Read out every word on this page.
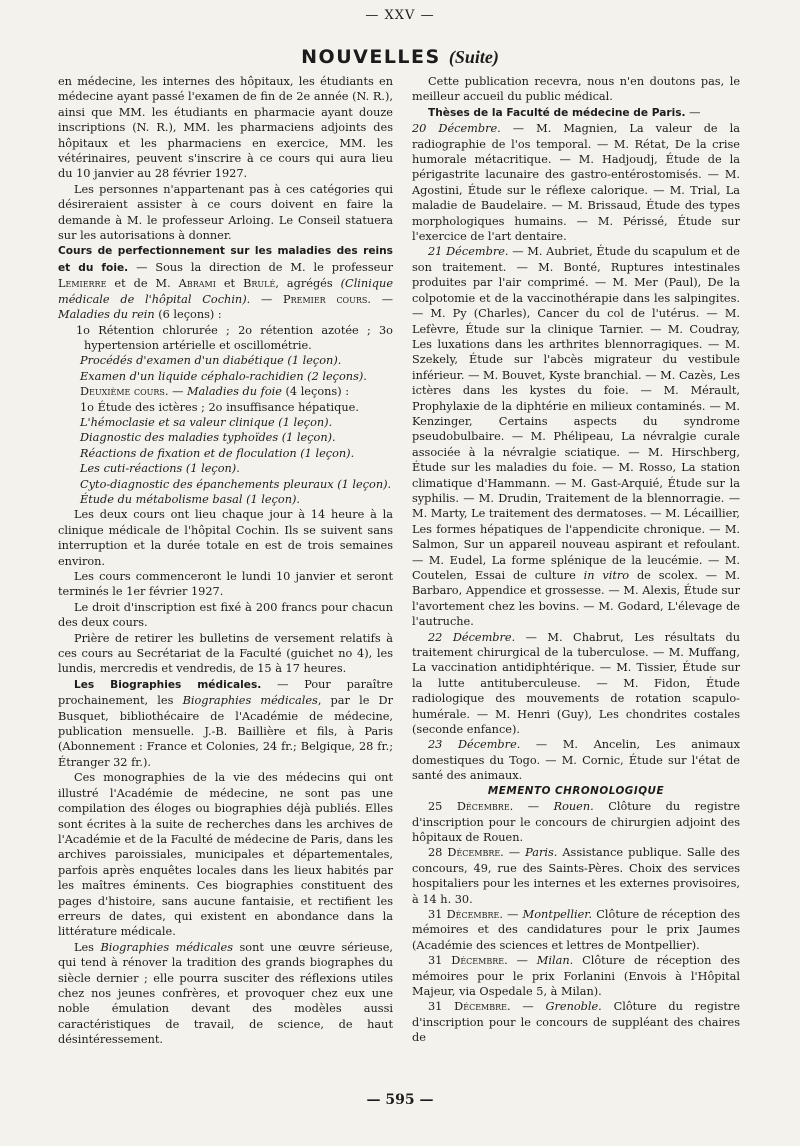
— XXV —
NOUVELLES (Suite)

en médecine, les internes des hôpitaux, les étudiants en médecine ayant passé l'examen de fin de 2e année (N. R.), ainsi que MM. les étudiants en pharmacie ayant douze inscriptions (N. R.), MM. les pharmaciens adjoints des hôpitaux et les pharmaciens en exercice, MM. les vétérinaires, peuvent s'inscrire à ce cours qui aura lieu du 10 janvier au 28 février 1927.

Les personnes n'appartenant pas à ces catégories qui désireraient assister à ce cours doivent en faire la demande à M. le professeur Arloing. Le Conseil statuera sur les autorisations à donner.

Cours de perfectionnement sur les maladies des reins et du foie. — Sous la direction de M. le professeur Lemierre et de M. Abrami et Brulé, agrégés (Clinique médicale de l'hôpital Cochin). — Premier cours. — Maladies du rein (6 leçons) :

1o Rétention chlorurée ; 2o rétention azotée ; 3o hypertension artérielle et oscillométrie.

Procédés d'examen d'un diabétique (1 leçon).

Examen d'un liquide céphalo-rachidien (2 leçons).

Deuxième cours. — Maladies du foie (4 leçons) :

1o Étude des ictères ; 2o insuffisance hépatique.

L'hémoclasie et sa valeur clinique (1 leçon).

Diagnostic des maladies typhoïdes (1 leçon).

Réactions de fixation et de floculation (1 leçon).

Les cuti-réactions (1 leçon).

Cyto-diagnostic des épanchements pleuraux (1 leçon).

Étude du métabolisme basal (1 leçon).

Les deux cours ont lieu chaque jour à 14 heure à la clinique médicale de l'hôpital Cochin. Ils se suivent sans interruption et la durée totale en est de trois semaines environ.

Les cours commenceront le lundi 10 janvier et seront terminés le 1er février 1927.

Le droit d'inscription est fixé à 200 francs pour chacun des deux cours.

Prière de retirer les bulletins de versement relatifs à ces cours au Secrétariat de la Faculté (guichet no 4), les lundis, mercredis et vendredis, de 15 à 17 heures.

Les Biographies médicales. — Pour paraître prochainement, les Biographies médicales, par le Dr Busquet, bibliothécaire de l'Académie de médecine, publication mensuelle. J.-B. Baillière et fils, à Paris (Abonnement : France et Colonies, 24 fr.; Belgique, 28 fr.; Étranger 32 fr.).

Ces monographies de la vie des médecins qui ont illustré l'Académie de médecine, ne sont pas une compilation des éloges ou biographies déjà publiés. Elles sont écrites à la suite de recherches dans les archives de l'Académie et de la Faculté de médecine de Paris, dans les archives paroissiales, municipales et départementales, parfois après enquêtes locales dans les lieux habités par les maîtres éminents. Ces biographies constituent des pages d'histoire, sans aucune fantaisie, et rectifient les erreurs de dates, qui existent en abondance dans la littérature médicale.

Les Biographies médicales sont une œuvre sérieuse, qui tend à rénover la tradition des grands biographes du siècle dernier ; elle pourra susciter des réflexions utiles chez nos jeunes confrères, et provoquer chez eux une noble émulation devant des modèles aussi caractéristiques de travail, de science, de haut désintéressement.

Cette publication recevra, nous n'en doutons pas, le meilleur accueil du public médical.

Thèses de la Faculté de médecine de Paris. —

20 Décembre. — M. Magnien, La valeur de la radiographie de l'os temporal. — M. Rétat, De la crise humorale métacritique. — M. Hadjoudj, Étude de la périgastrite lacunaire des gastro-entérostomisés. — M. Agostini, Étude sur le réflexe calorique. — M. Trial, La maladie de Baudelaire. — M. Brissaud, Étude des types morphologiques humains. — M. Périssé, Étude sur l'exercice de l'art dentaire.

21 Décembre. — M. Aubriet, Étude du scapulum et de son traitement. — M. Bonté, Ruptures intestinales produites par l'air comprimé. — M. Mer (Paul), De la colpotomie et de la vaccinothérapie dans les salpingites. — M. Py (Charles), Cancer du col de l'utérus. — M. Lefèvre, Étude sur la clinique Tarnier. — M. Coudray, Les luxations dans les arthrites blennorragiques. — M. Szekely, Étude sur l'abcès migrateur du vestibule inférieur. — M. Bouvet, Kyste branchial. — M. Cazès, Les ictères dans les kystes du foie. — M. Mérault, Prophylaxie de la diphtérie en milieux contaminés. — M. Kenzinger, Certains aspects du syndrome pseudobulbaire. — M. Phélipeau, La névralgie curale associée à la névralgie sciatique. — M. Hirschberg, Étude sur les maladies du foie. — M. Rosso, La station climatique d'Hammann. — M. Gast-Arquié, Étude sur la syphilis. — M. Drudin, Traitement de la blennorragie. — M. Marty, Le traitement des dermatoses. — M. Lécaillier, Les formes hépatiques de l'appendicite chronique. — M. Salmon, Sur un appareil nouveau aspirant et refoulant. — M. Eudel, La forme splénique de la leucémie. — M. Coutelen, Essai de culture in vitro de scolex. — M. Barbaro, Appendice et grossesse. — M. Alexis, Étude sur l'avortement chez les bovins. — M. Godard, L'élevage de l'autruche.

22 Décembre. — M. Chabrut, Les résultats du traitement chirurgical de la tuberculose. — M. Muffang, La vaccination antidiphtérique. — M. Tissier, Étude sur la lutte antituberculeuse. — M. Fidon, Étude radiologique des mouvements de rotation scapulo-humérale. — M. Henri (Guy), Les chondrites costales (seconde enfance).

23 Décembre. — M. Ancelin, Les animaux domestiques du Togo. — M. Cornic, Étude sur l'état de santé des animaux.

MEMENTO CHRONOLOGIQUE

25 Décembre. — Rouen. Clôture du registre d'inscription pour le concours de chirurgien adjoint des hôpitaux de Rouen.

28 Décembre. — Paris. Assistance publique. Salle des concours, 49, rue des Saints-Pères. Choix des services hospitaliers pour les internes et les externes provisoires, à 14 h. 30.

31 Décembre. — Montpellier. Clôture de réception des mémoires et des candidatures pour le prix Jaumes (Académie des sciences et lettres de Montpellier).

31 Décembre. — Milan. Clôture de réception des mémoires pour le prix Forlanini (Envois à l'Hôpital Majeur, via Ospedale 5, à Milan).

31 Décembre. — Grenoble. Clôture du registre d'inscription pour le concours de suppléant des chaires de

— 595 —
